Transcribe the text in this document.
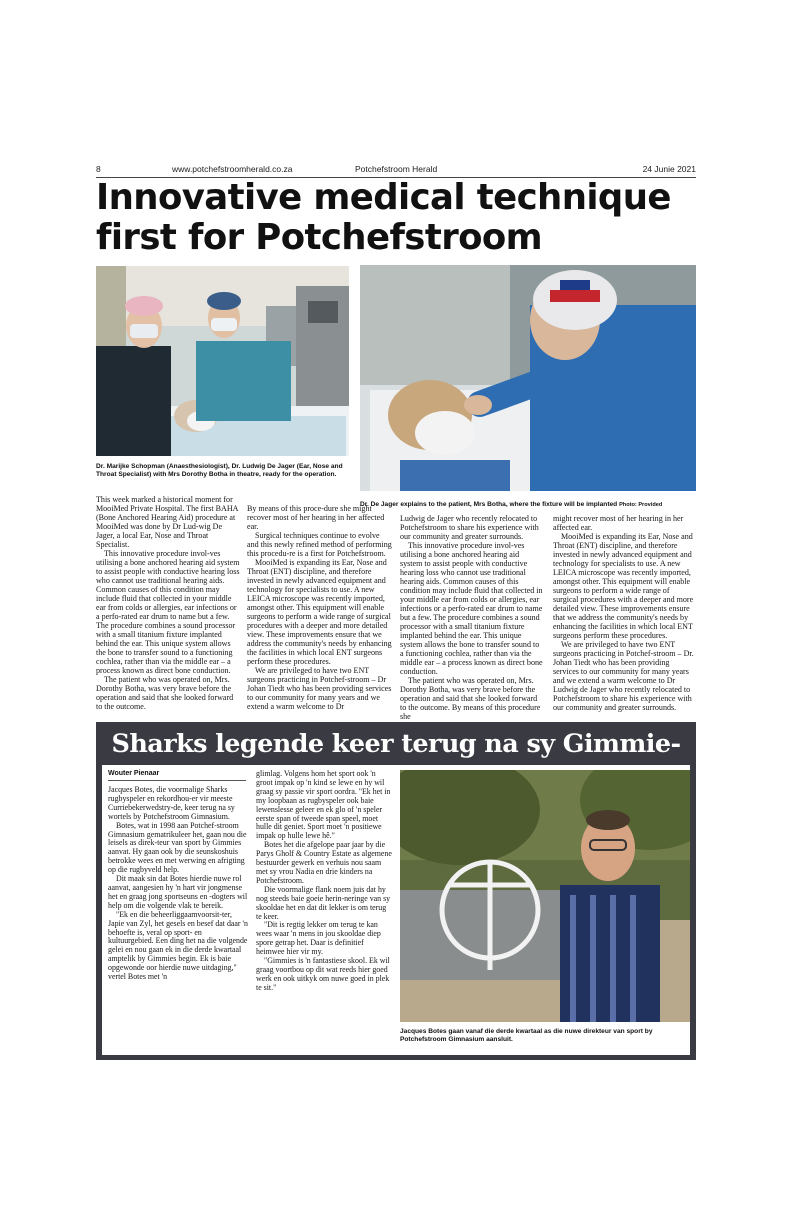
8	www.potchefstroomherald.co.za	Potchefstroom Herald	24 Junie 2021
Innovative medical technique
first for Potchefstroom
Dr. Marijke Schopman (Anaesthesiologist), Dr. Ludwig De Jager (Ear, Nose and Throat Specialist) with Mrs Dorothy Botha in theatre, ready for the operation.
Dr. De Jager explains to the patient, Mrs Botha, where the fixture will be implanted Photo: Provided

This week marked a historical moment for MooiMed Private Hospital. The first BAHA (Bone Anchored Hearing Aid) procedure at MooiMed was done by Dr Lud-wig De Jager, a local Ear, Nose and Throat Specialist.

This innovative procedure invol-ves utilising a bone anchored hearing aid system to assist people with conductive hearing loss who cannot use traditional hearing aids. Common causes of this condition may include fluid that collected in your middle ear from colds or allergies, ear infections or a perfo-rated ear drum to name but a few. The procedure combines a sound processor with a small titanium fixture implanted behind the ear. This unique system allows the bone to transfer sound to a functioning cochlea, rather than via the middle ear – a process known as direct bone conduction.

The patient who was operated on, Mrs. Dorothy Botha, was very brave before the operation and said that she looked forward to the outcome.

By means of this proce-dure she might recover most of her hearing in her affected ear.

Surgical techniques continue to evolve and this newly refined method of performing this procedu-re is a first for Potchefstroom.

MooiMed is expanding its Ear, Nose and Throat (ENT) discipline, and therefore invested in newly advanced equipment and technology for specialists to use. A new LEICA microscope was recently imported, amongst other. This equipment will enable surgeons to perform a wide range of surgical procedures with a deeper and more detailed view. These improvements ensure that we address the community's needs by enhancing the facilities in which local ENT surgeons perform these procedures.

We are privileged to have two ENT surgeons practicing in Potchef-stroom – Dr Johan Tiedt who has been providing services to our community for many years and we extend a warm welcome to Dr

Ludwig de Jager who recently relocated to Potchefstroom to share his experience with our community and greater surrounds.

This innovative procedure invol-ves utilising a bone anchored hearing aid system to assist people with conductive hearing loss who cannot use traditional hearing aids. Common causes of this condition may include fluid that collected in your middle ear from colds or allergies, ear infections or a perfo-rated ear drum to name but a few. The procedure combines a sound processor with a small titanium fixture implanted behind the ear. This unique system allows the bone to transfer sound to a functioning cochlea, rather than via the middle ear – a process known as direct bone conduction.

The patient who was operated on, Mrs. Dorothy Botha, was very brave before the operation and said that she looked forward to the outcome. By means of this procedure she

might recover most of her hearing in her affected ear.

MooiMed is expanding its Ear, Nose and Throat (ENT) discipline, and therefore invested in newly advanced equipment and technology for specialists to use. A new LEICA microscope was recently imported, amongst other. This equipment will enable surgeons to perform a wide range of surgical procedures with a deeper and more detailed view. These improvements ensure that we address the community's needs by enhancing the facilities in which local ENT surgeons perform these procedures.

We are privileged to have two ENT surgeons practicing in Potchef-stroom – Dr. Johan Tiedt who has been providing services to our community for many years and we extend a warm welcome to Dr Ludwig de Jager who recently relocated to Potchefstroom to share his experience with our community and greater surrounds.

Sharks legende keer terug na sy Gimmie-
Wouter Pienaar

Jacques Botes, die voormalige Sharks rugbyspeler en rekordhou-er vir meeste Curriebekerwedstry-de, keer terug na sy wortels by Potchefstroom Gimnasium.

Botes, wat in 1998 aan Potchef-stroom Gimnasium gematrikuleer het, gaan nou die leisels as direk-teur van sport by Gimmies aanvat. Hy gaan ook by die seunskoshuis betrokke wees en met werwing en afrigting op die rugbyveld help.

Dit maak sin dat Botes hierdie nuwe rol aanvat, aangesien hy 'n hart vir jongmense het en graag jong sportseuns en -dogters wil help om die volgende vlak te bereik.

"Ek en die beheerliggaamvoorsit-ter, Japie van Zyl, het gesels en besef dat daar 'n behoefte is, veral op sport- en kultuurgebied. Een ding het na die volgende gelei en nou gaan ek in die derde kwartaal amptelik by Gimmies begin. Ek is baie opgewonde oor hierdie nuwe uitdaging," vertel Botes met 'n

glimlag. Volgens hom het sport ook 'n groot impak op 'n kind se lewe en hy wil graag sy passie vir sport oordra. "Ek het in my loopbaan as rugbyspeler ook baie lewenslesse geleer en ek glo of 'n speler eerste span of tweede span speel, moet hulle dit geniet. Sport moet 'n positiewe impak op hulle lewe hê."

Botes het die afgelope paar jaar by die Parys Gholf & Country Estate as algemene bestuurder gewerk en verhuis nou saam met sy vrou Nadia en drie kinders na Potchefstroom.

Die voormalige flank noem juis dat hy nog steeds baie goeie herin-neringe van sy skooldae het en dat dit lekker is om terug te keer.

"Dit is regtig lekker om terug te kan wees waar 'n mens in jou skooldae diep spore getrap het. Daar is definitief heimwee hier vir my.

"Gimmies is 'n fantastiese skool. Ek wil graag voortbou op dit wat reeds hier goed werk en ook uitkyk om nuwe goed in plek te sit."

Jacques Botes gaan vanaf die derde kwartaal as die nuwe direkteur van sport by Potchefstroom Gimnasium aansluit.
